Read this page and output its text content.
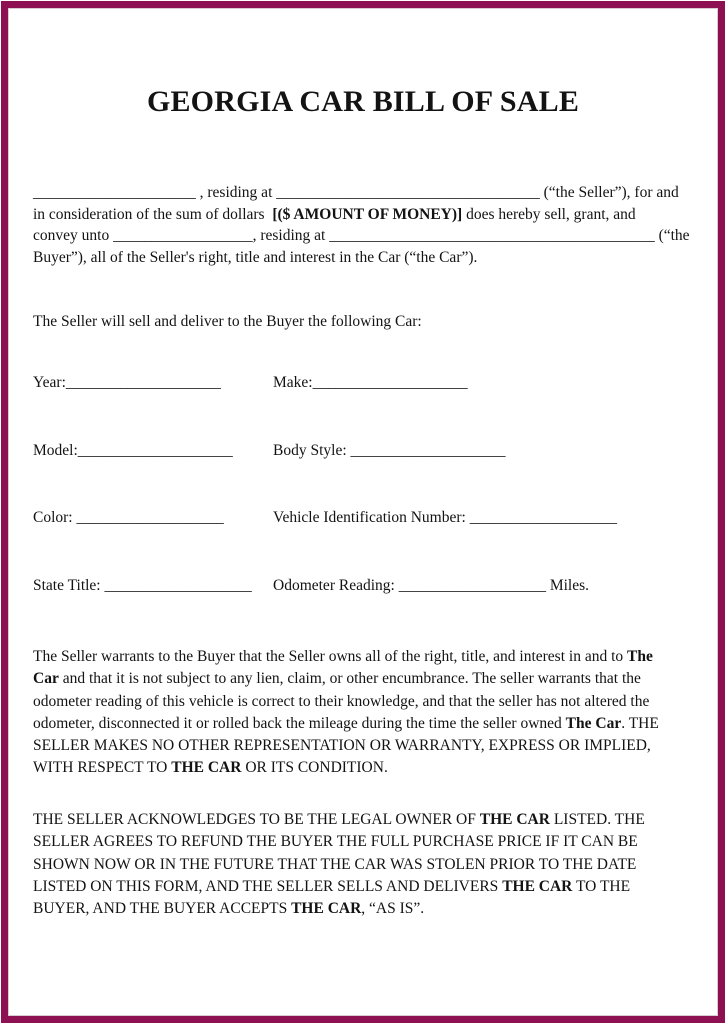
GEORGIA CAR BILL OF SALE
_____________________ , residing at __________________________________ (“the Seller”), for and
in consideration of the sum of dollars  [($ AMOUNT OF MONEY)] does hereby sell, grant, and
convey unto __________________, residing at __________________________________________ (“the
Buyer”), all of the Seller's right, title and interest in the Car (“the Car”).
The Seller will sell and deliver to the Buyer the following Car:
Year:____________________	Make:____________________
Model:____________________	Body Style: ____________________
Color: ___________________	Vehicle Identification Number: ___________________
State Title: ___________________ Odometer Reading: ___________________ Miles.
The Seller warrants to the Buyer that the Seller owns all of the right, title, and interest in and to The
Car and that it is not subject to any lien, claim, or other encumbrance. The seller warrants that the
odometer reading of this vehicle is correct to their knowledge, and that the seller has not altered the
odometer, disconnected it or rolled back the mileage during the time the seller owned The Car. THE
SELLER MAKES NO OTHER REPRESENTATION OR WARRANTY, EXPRESS OR IMPLIED,
WITH RESPECT TO THE CAR OR ITS CONDITION.
THE SELLER ACKNOWLEDGES TO BE THE LEGAL OWNER OF THE CAR LISTED. THE
SELLER AGREES TO REFUND THE BUYER THE FULL PURCHASE PRICE IF IT CAN BE
SHOWN NOW OR IN THE FUTURE THAT THE CAR WAS STOLEN PRIOR TO THE DATE
LISTED ON THIS FORM, AND THE SELLER SELLS AND DELIVERS THE CAR TO THE
BUYER, AND THE BUYER ACCEPTS THE CAR, “AS IS”.
